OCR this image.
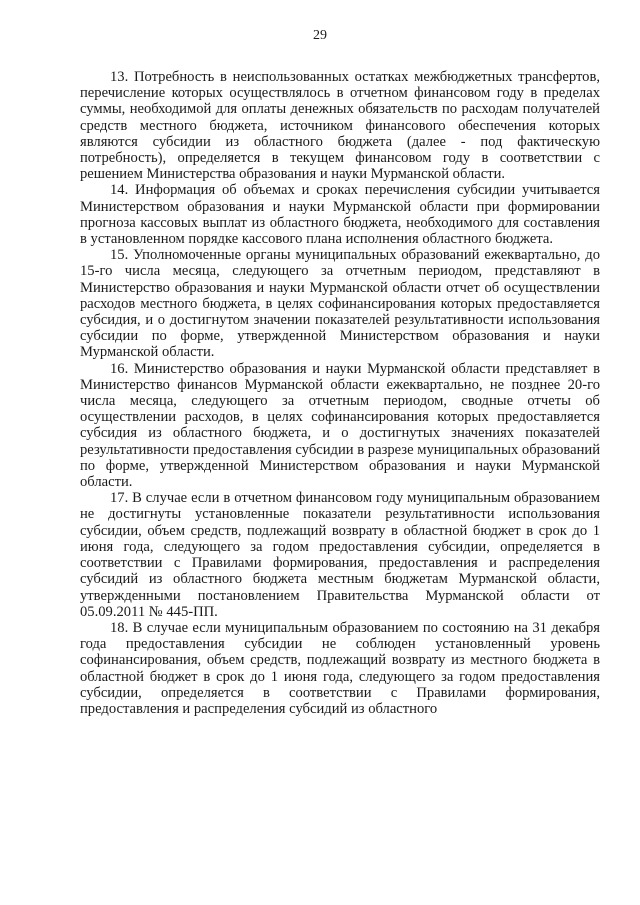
29

13. Потребность в неиспользованных остатках межбюджетных трансфертов, перечисление которых осуществлялось в отчетном финансовом году в пределах суммы, необходимой для оплаты денежных обязательств по расходам получателей средств местного бюджета, источником финансового обеспечения которых являются субсидии из областного бюджета (далее - под фактическую потребность), определяется в текущем финансовом году в соответствии с решением Министерства образования и науки Мурманской области.

14. Информация об объемах и сроках перечисления субсидии учитывается Министерством образования и науки Мурманской области при формировании прогноза кассовых выплат из областного бюджета, необходимого для составления в установленном порядке кассового плана исполнения областного бюджета.

15. Уполномоченные органы муниципальных образований ежеквартально, до 15-го числа месяца, следующего за отчетным периодом, представляют в Министерство образования и науки Мурманской области отчет об осуществлении расходов местного бюджета, в целях софинансирования которых предоставляется субсидия, и о достигнутом значении показателей результативности использования субсидии по форме, утвержденной Министерством образования и науки Мурманской области.

16. Министерство образования и науки Мурманской области представляет в Министерство финансов Мурманской области ежеквартально, не позднее 20-го числа месяца, следующего за отчетным периодом, сводные отчеты об осуществлении расходов, в целях софинансирования которых предоставляется субсидия из областного бюджета, и о достигнутых значениях показателей результативности предоставления субсидии в разрезе муниципальных образований по форме, утвержденной Министерством образования и науки Мурманской области.

17. В случае если в отчетном финансовом году муниципальным образованием не достигнуты установленные показатели результативности использования субсидии, объем средств, подлежащий возврату в областной бюджет в срок до 1 июня года, следующего за годом предоставления субсидии, определяется в соответствии с Правилами формирования, предоставления и распределения субсидий из областного бюджета местным бюджетам Мурманской области, утвержденными постановлением Правительства Мурманской области от 05.09.2011 № 445-ПП.

18. В случае если муниципальным образованием по состоянию на 31 декабря года предоставления субсидии не соблюден установленный уровень софинансирования, объем средств, подлежащий возврату из местного бюджета в областной бюджет в срок до 1 июня года, следующего за годом предоставления субсидии, определяется в соответствии с Правилами формирования, предоставления и распределения субсидий из областного
